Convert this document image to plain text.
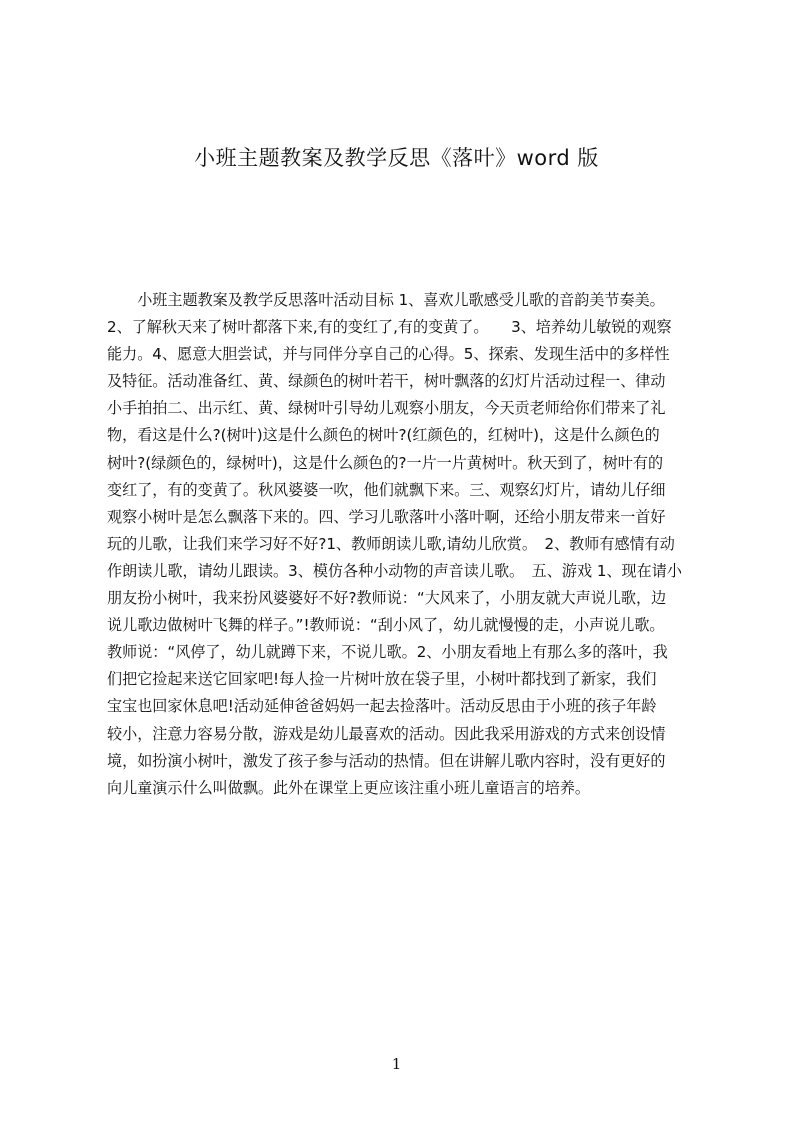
小班主题教案及教学反思《落叶》word 版
　　小班主题教案及教学反思落叶活动目标 1、喜欢儿歌感受儿歌的音韵美节奏美。
2、了解秋天来了树叶都落下来,有的变红了,有的变黄了。　　3、培养幼儿敏锐的观察
能力。4、愿意大胆尝试，并与同伴分享自己的心得。5、探索、发现生活中的多样性
及特征。活动准备红、黄、绿颜色的树叶若干，树叶飘落的幻灯片活动过程一、律动
小手拍拍二、出示红、黄、绿树叶引导幼儿观察小朋友，今天贡老师给你们带来了礼
物，看这是什么?(树叶)这是什么颜色的树叶?(红颜色的，红树叶)，这是什么颜色的
树叶?(绿颜色的，绿树叶)，这是什么颜色的?一片一片黄树叶。秋天到了，树叶有的
变红了，有的变黄了。秋风婆婆一吹，他们就飘下来。三、观察幻灯片，请幼儿仔细
观察小树叶是怎么飘落下来的。四、学习儿歌落叶小落叶啊，还给小朋友带来一首好
玩的儿歌，让我们来学习好不好?1、教师朗读儿歌,请幼儿欣赏。　2、教师有感情有动
作朗读儿歌，请幼儿跟读。3、模仿各种小动物的声音读儿歌。　五、游戏 1、现在请小
朋友扮小树叶，我来扮风婆婆好不好?教师说：“大风来了，小朋友就大声说儿歌，边
说儿歌边做树叶飞舞的样子。”!教师说：“刮小风了，幼儿就慢慢的走，小声说儿歌。
教师说：“风停了，幼儿就蹲下来，不说儿歌。2、小朋友看地上有那么多的落叶，我
们把它捡起来送它回家吧!每人捡一片树叶放在袋子里，小树叶都找到了新家，我们
宝宝也回家休息吧!活动延伸爸爸妈妈一起去捡落叶。活动反思由于小班的孩子年龄
较小，注意力容易分散，游戏是幼儿最喜欢的活动。因此我采用游戏的方式来创设情
境，如扮演小树叶，激发了孩子参与活动的热情。但在讲解儿歌内容时，没有更好的
向儿童演示什么叫做飘。此外在课堂上更应该注重小班儿童语言的培养。
1
